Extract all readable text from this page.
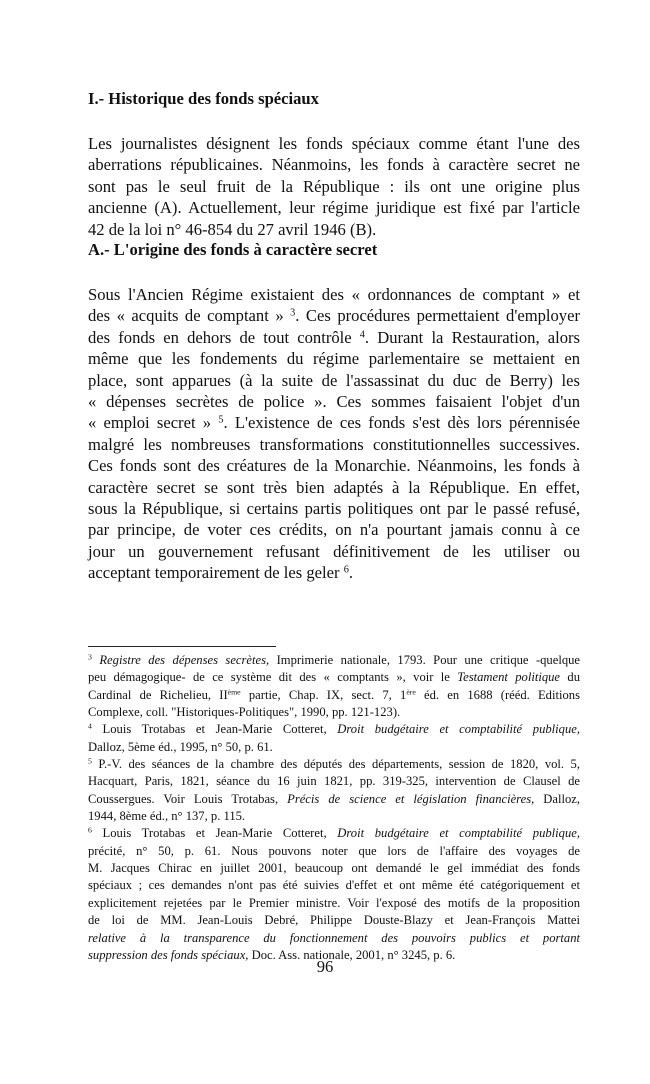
I.- Historique des fonds spéciaux
Les journalistes désignent les fonds spéciaux comme étant l'une des
aberrations républicaines. Néanmoins, les fonds à caractère secret ne
sont pas le seul fruit de la République : ils ont une origine plus
ancienne (A). Actuellement, leur régime juridique est fixé par l'article
42 de la loi n° 46-854 du 27 avril 1946 (B).
A.- L'origine des fonds à caractère secret
Sous l'Ancien Régime existaient des « ordonnances de comptant » et
des « acquits de comptant » $^3$. Ces procédures permettaient d'employer
des fonds en dehors de tout contrôle $^4$. Durant la Restauration, alors
même que les fondements du régime parlementaire se mettaient en
place, sont apparues (à la suite de l'assassinat du duc de Berry) les
« dépenses secrètes de police ». Ces sommes faisaient l'objet d'un
« emploi secret » $^5$. L'existence de ces fonds s'est dès lors pérennisée
malgré les nombreuses transformations constitutionnelles successives.
Ces fonds sont des créatures de la Monarchie. Néanmoins, les fonds à
caractère secret se sont très bien adaptés à la République. En effet,
sous la République, si certains partis politiques ont par le passé refusé,
par principe, de voter ces crédits, on n'a pourtant jamais connu à ce
jour un gouvernement refusant définitivement de les utiliser ou
acceptant temporairement de les geler $^6$.
$^3$ Registre des dépenses secrètes, Imprimerie nationale, 1793. Pour une critique -quelque
peu démagogique- de ce système dit des « comptants », voir le Testament politique du
Cardinal de Richelieu, IIème partie, Chap. IX, sect. 7, 1ère éd. en 1688 (rééd. Editions
Complexe, coll. "Historiques-Politiques", 1990, pp. 121-123).
$^4$ Louis Trotabas et Jean-Marie Cotteret, Droit budgétaire et comptabilité publique,
Dalloz, 5ème éd., 1995, n° 50, p. 61.
$^5$ P.-V. des séances de la chambre des députés des départements, session de 1820, vol. 5,
Hacquart, Paris, 1821, séance du 16 juin 1821, pp. 319-325, intervention de Clausel de
Coussergues. Voir Louis Trotabas, Précis de science et législation financières, Dalloz,
1944, 8ème éd., n° 137, p. 115.
$^6$ Louis Trotabas et Jean-Marie Cotteret, Droit budgétaire et comptabilité publique,
précité, n° 50, p. 61. Nous pouvons noter que lors de l'affaire des voyages de
M. Jacques Chirac en juillet 2001, beaucoup ont demandé le gel immédiat des fonds
spéciaux ; ces demandes n'ont pas été suivies d'effet et ont même été catégoriquement et
explicitement rejetées par le Premier ministre. Voir l'exposé des motifs de la proposition
de loi de MM. Jean-Louis Debré, Philippe Douste-Blazy et Jean-François Mattei
relative à la transparence du fonctionnement des pouvoirs publics et portant
suppression des fonds spéciaux, Doc. Ass. nationale, 2001, n° 3245, p. 6.
96
